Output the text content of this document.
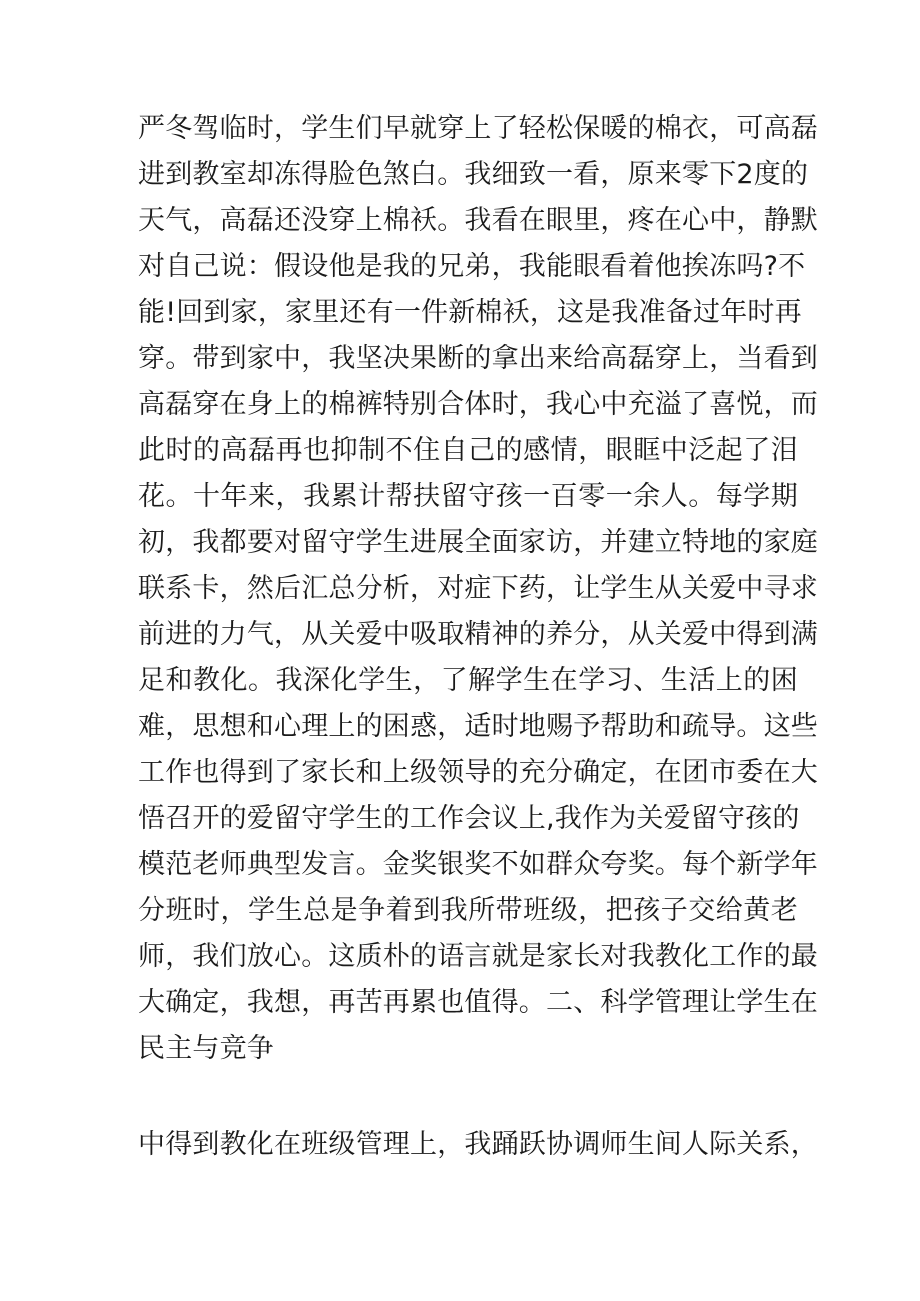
严冬驾临时，学生们早就穿上了轻松保暖的棉衣，可高磊
进到教室却冻得脸色煞白。我细致一看，原来零下2度的
天气，高磊还没穿上棉袄。我看在眼里，疼在心中，静默
对自己说：假设他是我的兄弟，我能眼看着他挨冻吗?不
能!回到家，家里还有一件新棉袄，这是我准备过年时再
穿。带到家中，我坚决果断的拿出来给高磊穿上，当看到
高磊穿在身上的棉裤特别合体时，我心中充溢了喜悦，而
此时的高磊再也抑制不住自己的感情，眼眶中泛起了泪
花。十年来，我累计帮扶留守孩一百零一余人。每学期
初，我都要对留守学生进展全面家访，并建立特地的家庭
联系卡，然后汇总分析，对症下药，让学生从关爱中寻求
前进的力气，从关爱中吸取精神的养分，从关爱中得到满
足和教化。我深化学生，了解学生在学习、生活上的困
难，思想和心理上的困惑，适时地赐予帮助和疏导。这些
工作也得到了家长和上级领导的充分确定，在团市委在大
悟召开的爱留守学生的工作会议上,我作为关爱留守孩的
模范老师典型发言。金奖银奖不如群众夸奖。每个新学年
分班时，学生总是争着到我所带班级，把孩子交给黄老
师，我们放心。这质朴的语言就是家长对我教化工作的最
大确定，我想，再苦再累也值得。二、科学管理让学生在
民主与竞争
中得到教化在班级管理上，我踊跃协调师生间人际关系，
